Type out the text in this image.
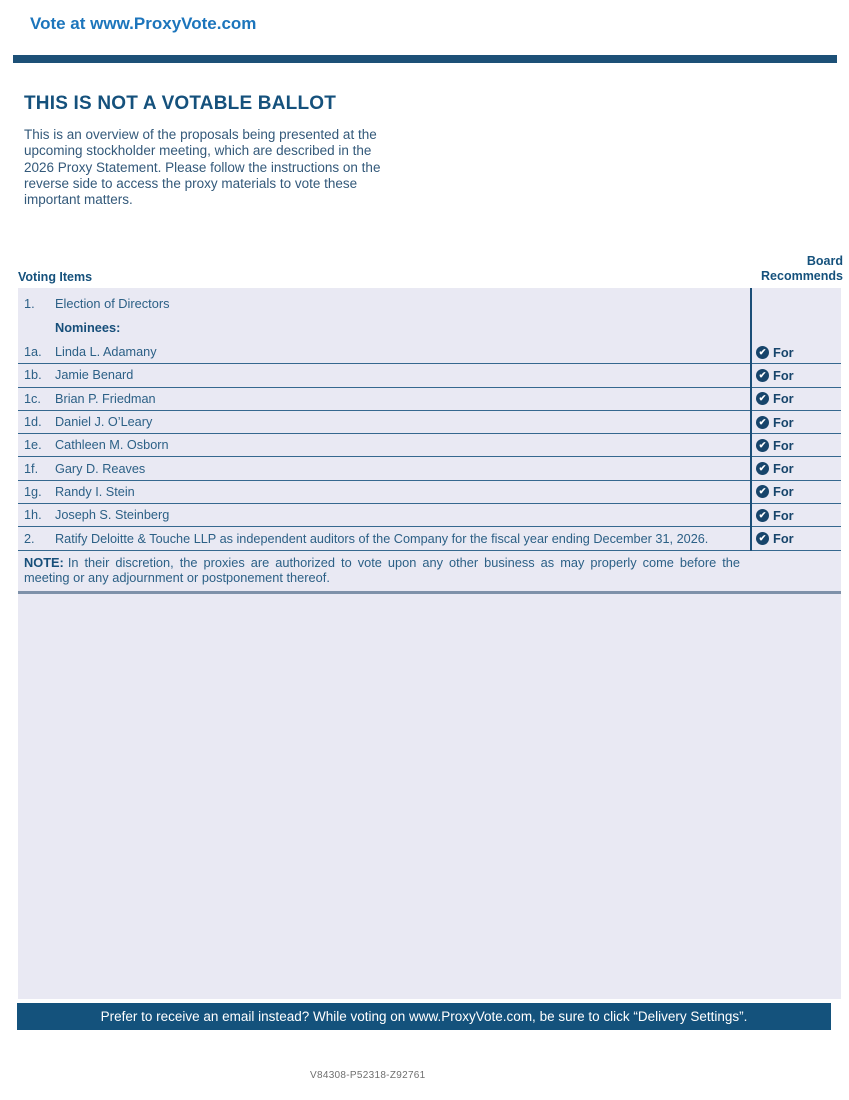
Vote at www.ProxyVote.com
THIS IS NOT A VOTABLE BALLOT
This is an overview of the proposals being presented at the upcoming stockholder meeting, which are described in the 2026 Proxy Statement. Please follow the instructions on the reverse side to access the proxy materials to vote these important matters.
Voting Items
Board
Recommends
1.	Election of Directors
Nominees:
1a.	Linda L. Adamany	✔ For
1b.	Jamie Benard	✔ For
1c.	Brian P. Friedman	✔ For
1d.	Daniel J. O’Leary	✔ For
1e.	Cathleen M. Osborn	✔ For
1f.	Gary D. Reaves	✔ For
1g.	Randy I. Stein	✔ For
1h.	Joseph S. Steinberg	✔ For
2.	Ratify Deloitte & Touche LLP as independent auditors of the Company for the fiscal year ending December 31, 2026.	✔ For
NOTE: In their discretion, the proxies are authorized to vote upon any other business as may properly come before the meeting or any adjournment or postponement thereof.
Prefer to receive an email instead? While voting on www.ProxyVote.com, be sure to click “Delivery Settings”.
V84308-P52318-Z92761
